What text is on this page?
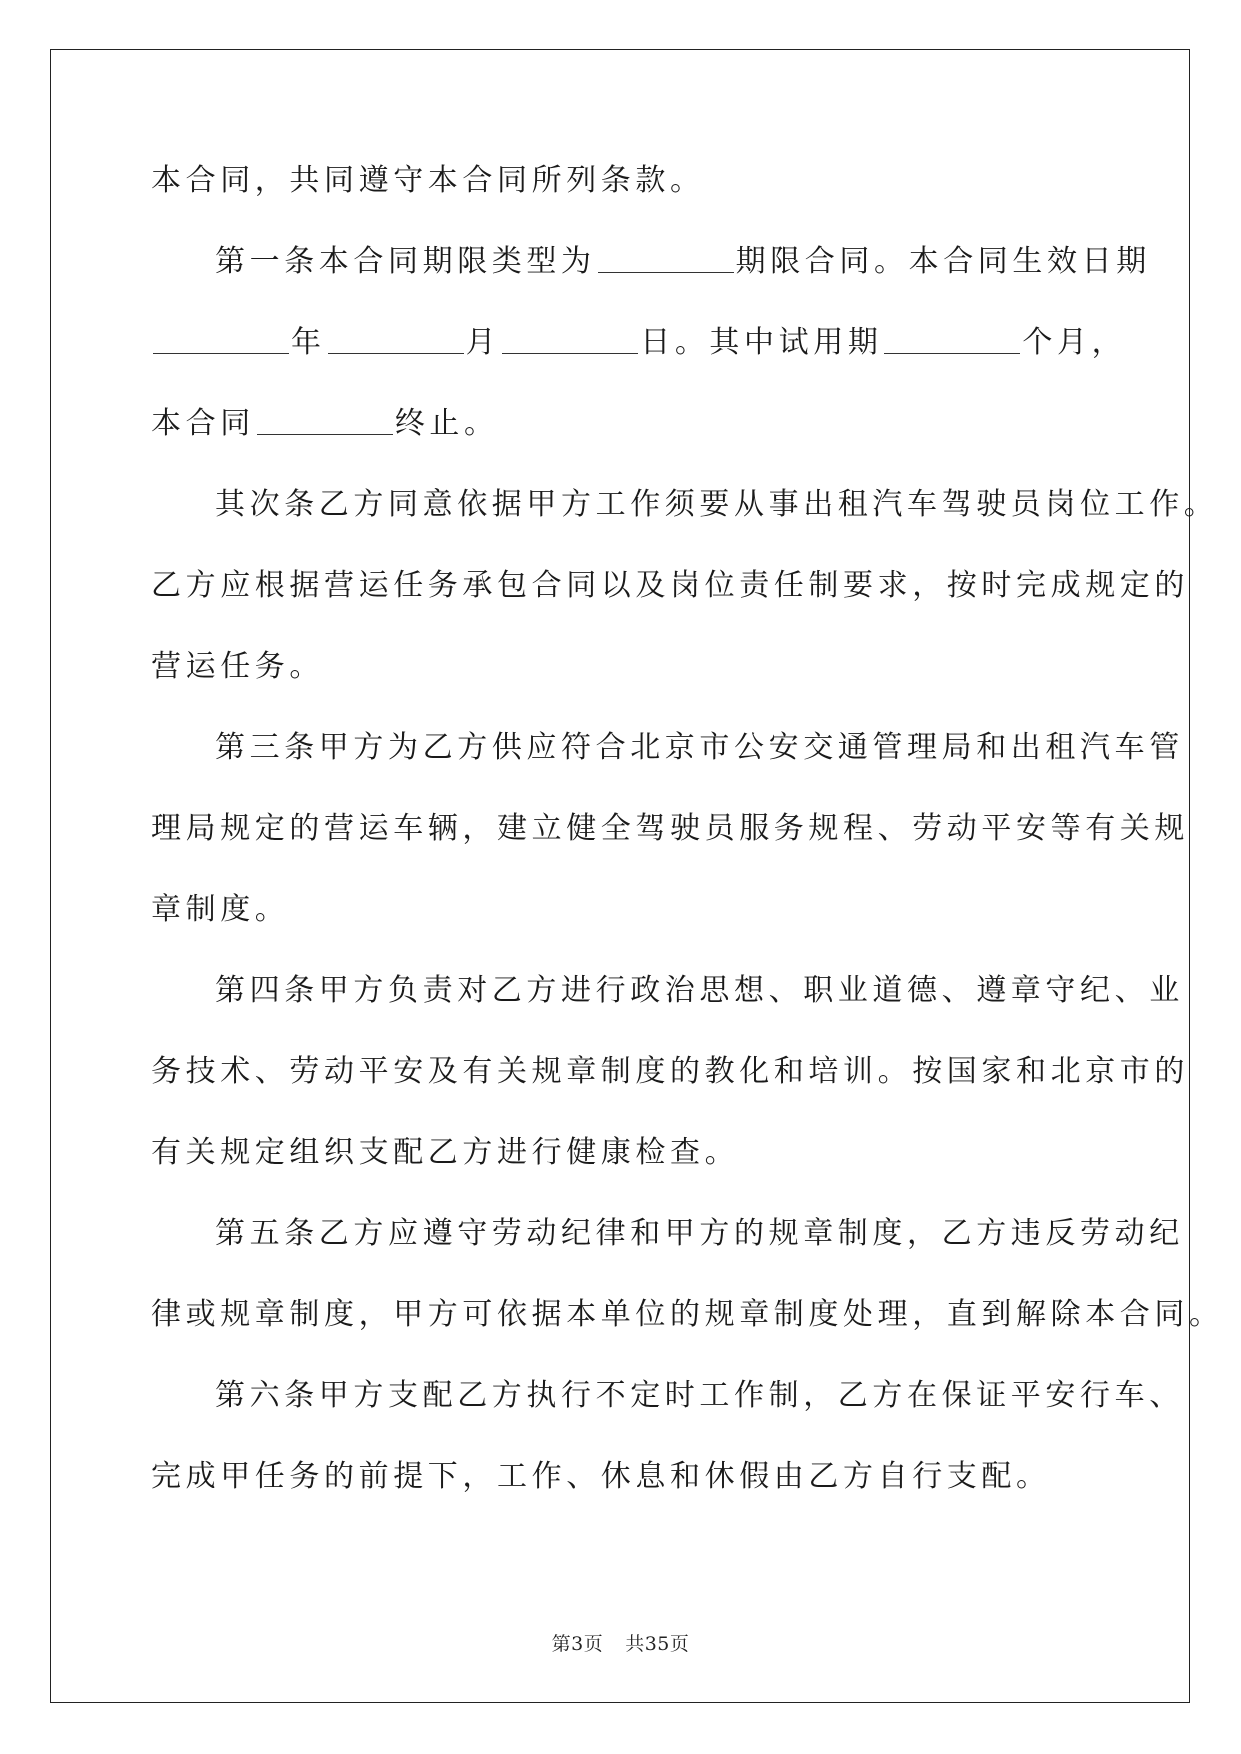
本合同，共同遵守本合同所列条款。
第一条本合同期限类型为	期限合同。本合同生效日期
年	月	日。其中试用期	个月，
本合同	终止。
其次条乙方同意依据甲方工作须要从事出租汽车驾驶员岗位工作。
乙方应根据营运任务承包合同以及岗位责任制要求，按时完成规定的
营运任务。
第三条甲方为乙方供应符合北京市公安交通管理局和出租汽车管
理局规定的营运车辆，建立健全驾驶员服务规程、劳动平安等有关规
章制度。
第四条甲方负责对乙方进行政治思想、职业道德、遵章守纪、业
务技术、劳动平安及有关规章制度的教化和培训。按国家和北京市的
有关规定组织支配乙方进行健康检查。
第五条乙方应遵守劳动纪律和甲方的规章制度，乙方违反劳动纪
律或规章制度，甲方可依据本单位的规章制度处理，直到解除本合同。
第六条甲方支配乙方执行不定时工作制，乙方在保证平安行车、
完成甲任务的前提下，工作、休息和休假由乙方自行支配。
第3页 共35页
